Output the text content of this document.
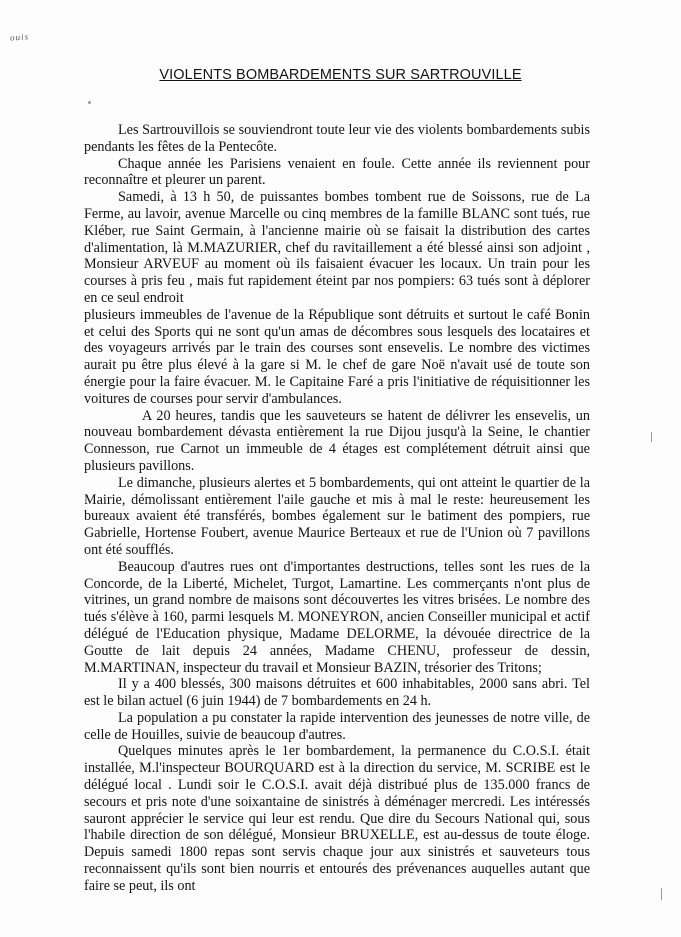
ouis
VIOLENTS BOMBARDEMENTS SUR SARTROUVILLE

Les Sartrouvillois se souviendront toute leur vie des violents bombardements subis pendants les fêtes de la Pentecôte.

Chaque année les Parisiens venaient en foule. Cette année ils reviennent pour reconnaître et pleurer un parent.

Samedi, à 13 h 50, de puissantes bombes tombent rue de Soissons, rue de La Ferme, au lavoir, avenue Marcelle ou cinq membres de la famille BLANC sont tués, rue Kléber, rue Saint Germain, à l'ancienne mairie où se faisait la distribution des cartes d'alimentation, là M.MAZURIER, chef du ravitaillement a été blessé ainsi son adjoint , Monsieur ARVEUF au moment où ils faisaient évacuer les locaux. Un train pour les courses à pris feu , mais fut rapidement éteint par nos pompiers: 63 tués sont à déplorer en ce seul endroit

plusieurs immeubles de l'avenue de la République sont détruits et surtout le café Bonin et celui des Sports qui ne sont qu'un amas de décombres sous lesquels des locataires et des voyageurs arrivés par le train des courses sont ensevelis. Le nombre des victimes aurait pu être plus élevé à la gare si M. le chef de gare Noë n'avait usé de toute son énergie pour la faire évacuer. M. le Capitaine Faré a pris l'initiative de réquisitionner les voitures de courses pour servir d'ambulances.

A 20 heures, tandis que les sauveteurs se hatent de délivrer les ensevelis, un nouveau bombardement dévasta entièrement la rue Dijou jusqu'à la Seine, le chantier Connesson, rue Carnot un immeuble de 4 étages est complétement détruit ainsi que plusieurs pavillons.

Le dimanche, plusieurs alertes et 5 bombardements, qui ont atteint le quartier de la Mairie, démolissant entièrement l'aile gauche et mis à mal le reste: heureusement les bureaux avaient été transférés, bombes également sur le batiment des pompiers, rue Gabrielle, Hortense Foubert, avenue Maurice Berteaux et rue de l'Union où 7 pavillons ont été soufflés.

Beaucoup d'autres rues ont d'importantes destructions, telles sont les rues de la Concorde, de la Liberté, Michelet, Turgot, Lamartine. Les commerçants n'ont plus de vitrines, un grand nombre de maisons sont découvertes les vitres brisées. Le nombre des tués s'élève à 160, parmi lesquels M. MONEYRON, ancien Conseiller municipal et actif délégué de l'Education physique, Madame DELORME, la dévouée directrice de la Goutte de lait depuis 24 années, Madame CHENU, professeur de dessin, M.MARTINAN, inspecteur du travail et Monsieur BAZIN, trésorier des Tritons;

Il y a 400 blessés, 300 maisons détruites et 600 inhabitables, 2000 sans abri. Tel est le bilan actuel (6 juin 1944) de 7 bombardements en 24 h.

La population a pu constater la rapide intervention des jeunesses de notre ville, de celle de Houilles, suivie de beaucoup d'autres.

Quelques minutes après le 1er bombardement, la permanence du C.O.S.I. était installée, M.l'inspecteur BOURQUARD est à la direction du service, M. SCRIBE est le délégué local . Lundi soir le C.O.S.I. avait déjà distribué plus de 135.000 francs de secours et pris note d'une soixantaine de sinistrés à déménager mercredi. Les intéressés sauront apprécier le service qui leur est rendu. Que dire du Secours National qui, sous l'habile direction de son délégué, Monsieur BRUXELLE, est au-dessus de toute éloge. Depuis samedi 1800 repas sont servis chaque jour aux sinistrés et sauveteurs tous reconnaissent qu'ils sont bien nourris et entourés des prévenances auquelles autant que faire se peut, ils ont
